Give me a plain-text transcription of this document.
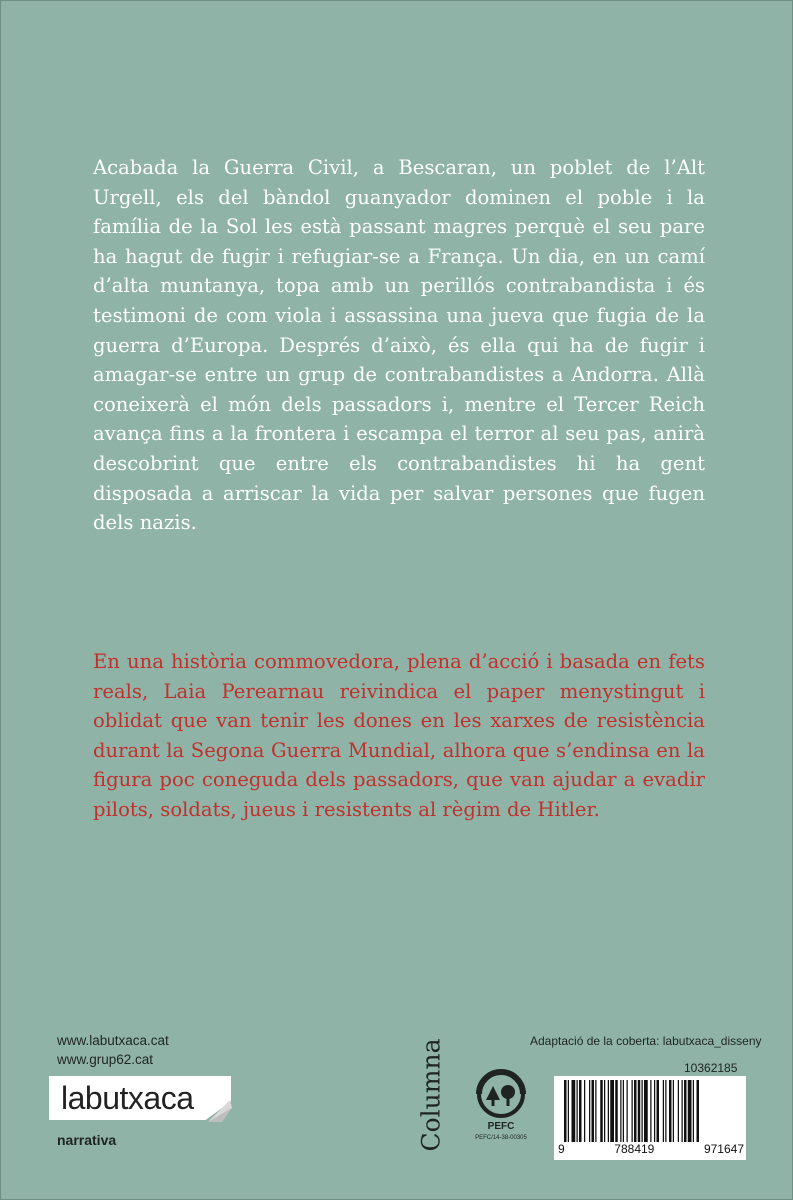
Acabada la Guerra Civil, a Bescaran, un poblet de l’Alt Urgell, els del bàndol guanyador dominen el poble i la família de la Sol les està passant magres perquè el seu pare ha hagut de fugir i refugiar-se a França. Un dia, en un camí d’alta muntanya, topa amb un perillós contrabandista i és testimoni de com viola i assassina una jueva que fugia de la guerra d’Europa. Després d’això, és ella qui ha de fugir i amagar-se entre un grup de contrabandistes a Andorra. Allà coneixerà el món dels passadors i, mentre el Tercer Reich avança fins a la frontera i escampa el terror al seu pas, anirà descobrint que entre els contrabandistes hi ha gent disposada a arriscar la vida per salvar persones que fugen dels nazis.

En una història commovedora, plena d’acció i basada en fets reals, Laia Perearnau reivindica el paper menystingut i oblidat que van tenir les dones en les xarxes de resistència durant la Segona Guerra Mundial, alhora que s’endinsa en la figura poc coneguda dels passadors, que van ajudar a evadir pilots, soldats, jueus i resistents al règim de Hitler.

www.labutxaca.cat
www.grup62.cat
labutxaca
narrativa	Columna	PEFC
PEFC/14-38-00305
Adaptació de la coberta: labutxaca_disseny
10362185
9	788419	971647
